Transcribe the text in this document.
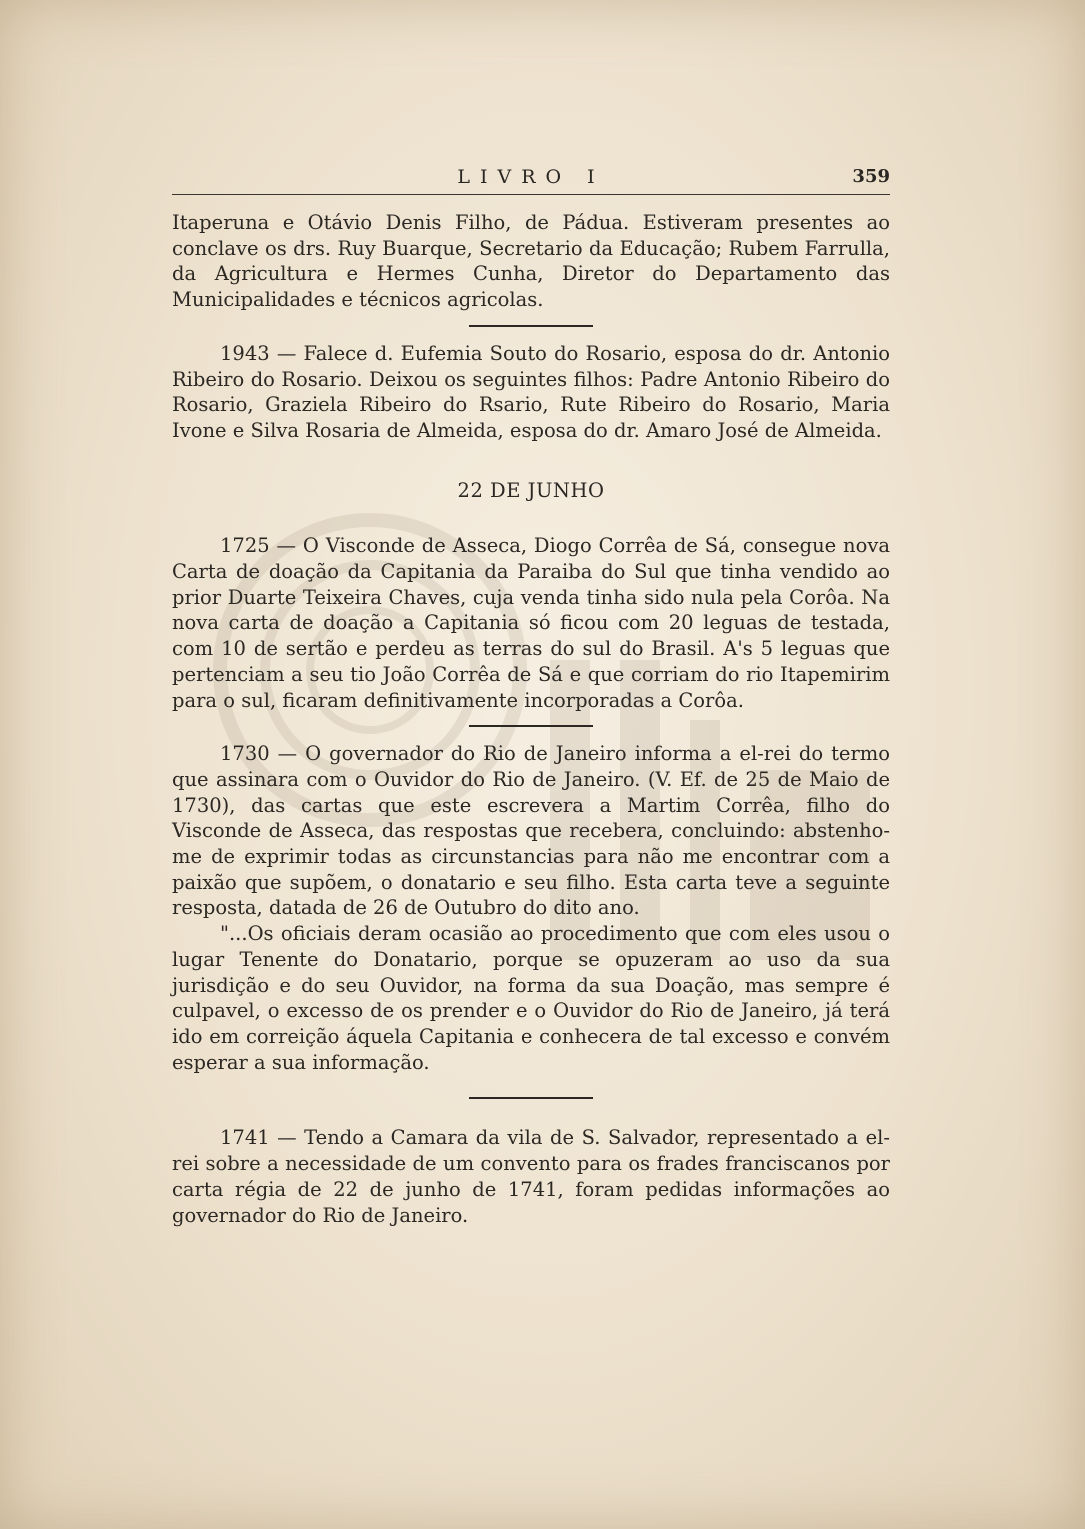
LIVRO I	359

Itaperuna e Otávio Denis Filho, de Pádua. Estiveram presentes ao conclave os drs. Ruy Buarque, Secretario da Educação; Rubem Farrulla, da Agricultura e Hermes Cunha, Diretor do Departamento das Municipalidades e técnicos agricolas.

1943 — Falece d. Eufemia Souto do Rosario, esposa do dr. Antonio Ribeiro do Rosario. Deixou os seguintes filhos: Padre Antonio Ribeiro do Rosario, Graziela Ribeiro do Rsario, Rute Ribeiro do Rosario, Maria Ivone e Silva Rosaria de Almeida, esposa do dr. Amaro José de Almeida.

22 DE JUNHO

1725 — O Visconde de Asseca, Diogo Corrêa de Sá, consegue nova Carta de doação da Capitania da Paraiba do Sul que tinha vendido ao prior Duarte Teixeira Chaves, cuja venda tinha sido nula pela Corôa. Na nova carta de doação a Capitania só ficou com 20 leguas de testada, com 10 de sertão e perdeu as terras do sul do Brasil. A's 5 leguas que pertenciam a seu tio João Corrêa de Sá e que corriam do rio Itapemirim para o sul, ficaram definitivamente incorporadas a Corôa.

1730 — O governador do Rio de Janeiro informa a el-rei do termo que assinara com o Ouvidor do Rio de Janeiro. (V. Ef. de 25 de Maio de 1730), das cartas que este escrevera a Martim Corrêa, filho do Visconde de Asseca, das respostas que recebera, concluindo: abstenho-me de exprimir todas as circunstancias para não me encontrar com a paixão que supõem, o donatario e seu filho. Esta carta teve a seguinte resposta, datada de 26 de Outubro do dito ano.

"...Os oficiais deram ocasião ao procedimento que com eles usou o lugar Tenente do Donatario, porque se opuzeram ao uso da sua jurisdição e do seu Ouvidor, na forma da sua Doação, mas sempre é culpavel, o excesso de os prender e o Ouvidor do Rio de Janeiro, já terá ido em correição áquela Capitania e conhecera de tal excesso e convém esperar a sua informação.

1741 — Tendo a Camara da vila de S. Salvador, representado a el-rei sobre a necessidade de um convento para os frades franciscanos por carta régia de 22 de junho de 1741, foram pedidas informações ao governador do Rio de Janeiro.
